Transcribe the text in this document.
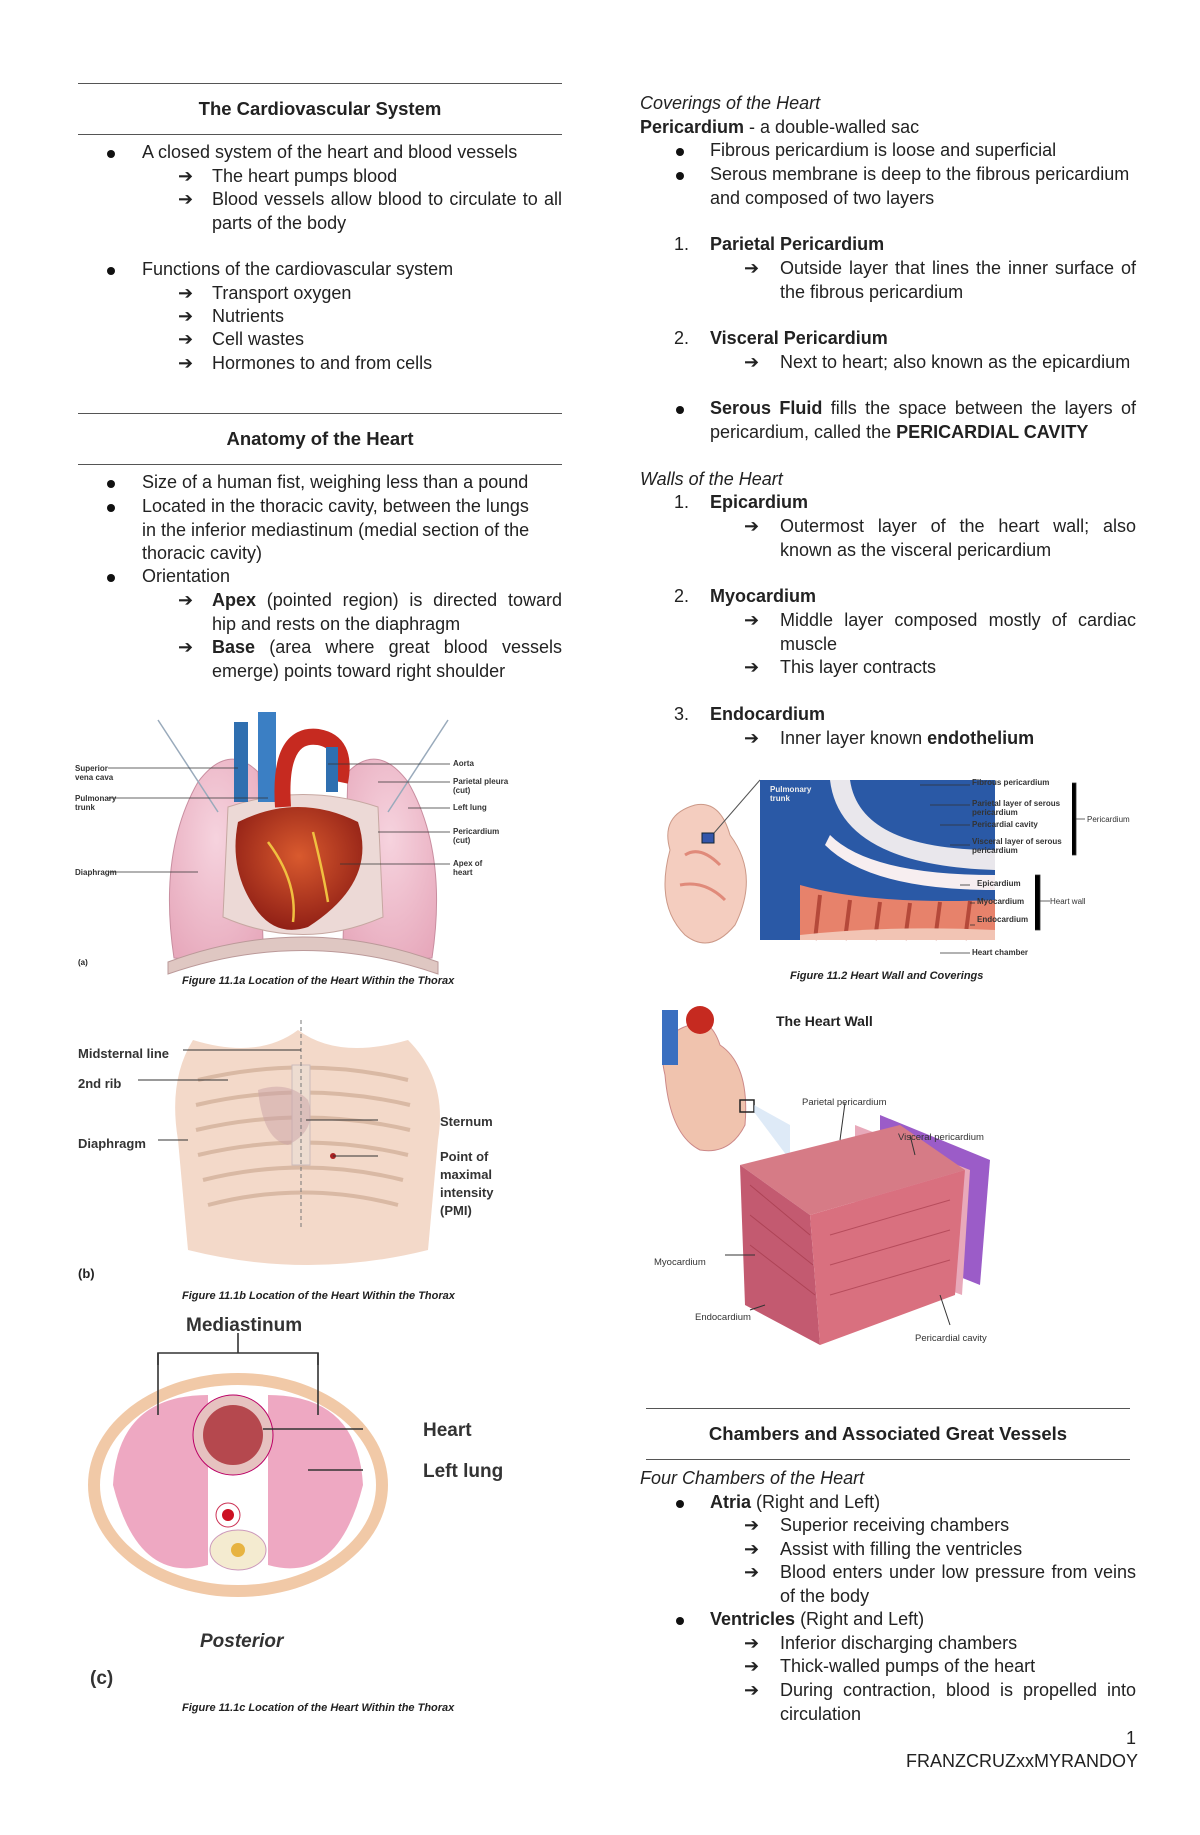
The Cardiovascular System
A closed system of the heart and blood vessels
➔ The heart pumps blood
➔ Blood vessels allow blood to circulate to all parts of the body
Functions of the cardiovascular system
➔ Transport oxygen
➔ Nutrients
➔ Cell wastes
➔ Hormones to and from cells
Anatomy of the Heart
Size of a human fist, weighing less than a pound
Located in the thoracic cavity, between the lungs in the inferior mediastinum (medial section of the thoracic cavity)
Orientation
➔ Apex (pointed region) is directed toward hip and rests on the diaphragm
➔ Base (area where great blood vessels emerge) points toward right shoulder
Superior vena cava
Pulmonary trunk
Diaphragm
Aorta
Parietal pleura (cut)
Left lung
Pericardium (cut)
Apex of heart
(a)
Figure 11.1a Location of the Heart Within the Thorax
Midsternal line
2nd rib
Diaphragm
Sternum
Point of
maximal
intensity
(PMI)
(b)
Figure 11.1b Location of the Heart Within the Thorax
Mediastinum
Heart
Left lung
Posterior
(c)
Figure 11.1c Location of the Heart Within the Thorax
Coverings of the Heart
Pericardium - a double-walled sac
Fibrous pericardium is loose and superficial
Serous membrane is deep to the fibrous pericardium and composed of two layers
1. Parietal Pericardium
➔ Outside layer that lines the inner surface of the fibrous pericardium
2. Visceral Pericardium
➔ Next to heart; also known as the epicardium
Serous Fluid fills the space between the layers of pericardium, called the PERICARDIAL CAVITY
Walls of the Heart
1. Epicardium
➔ Outermost layer of the heart wall; also known as the visceral pericardium
2. Myocardium
➔ Middle layer composed mostly of cardiac muscle
➔ This layer contracts
3. Endocardium
➔ Inner layer known endothelium
Pulmonary
trunk
Fibrous pericardium
Parietal layer of serous pericardium
Pericardial cavity
Visceral layer of serous pericardium
Epicardium
Myocardium
Endocardium
Heart chamber
Pericardium
Heart wall
Figure 11.2 Heart Wall and Coverings
The Heart Wall
Parietal pericardium
Visceral pericardium
Myocardium
Endocardium
Pericardial cavity
Chambers and Associated Great Vessels
Four Chambers of the Heart
Atria (Right and Left)
➔ Superior receiving chambers
➔ Assist with filling the ventricles
➔ Blood enters under low pressure from veins of the body
Ventricles (Right and Left)
➔ Inferior discharging chambers
➔ Thick-walled pumps of the heart
➔ During contraction, blood is propelled into circulation
1
FRANZCRUZxxMYRANDOY
